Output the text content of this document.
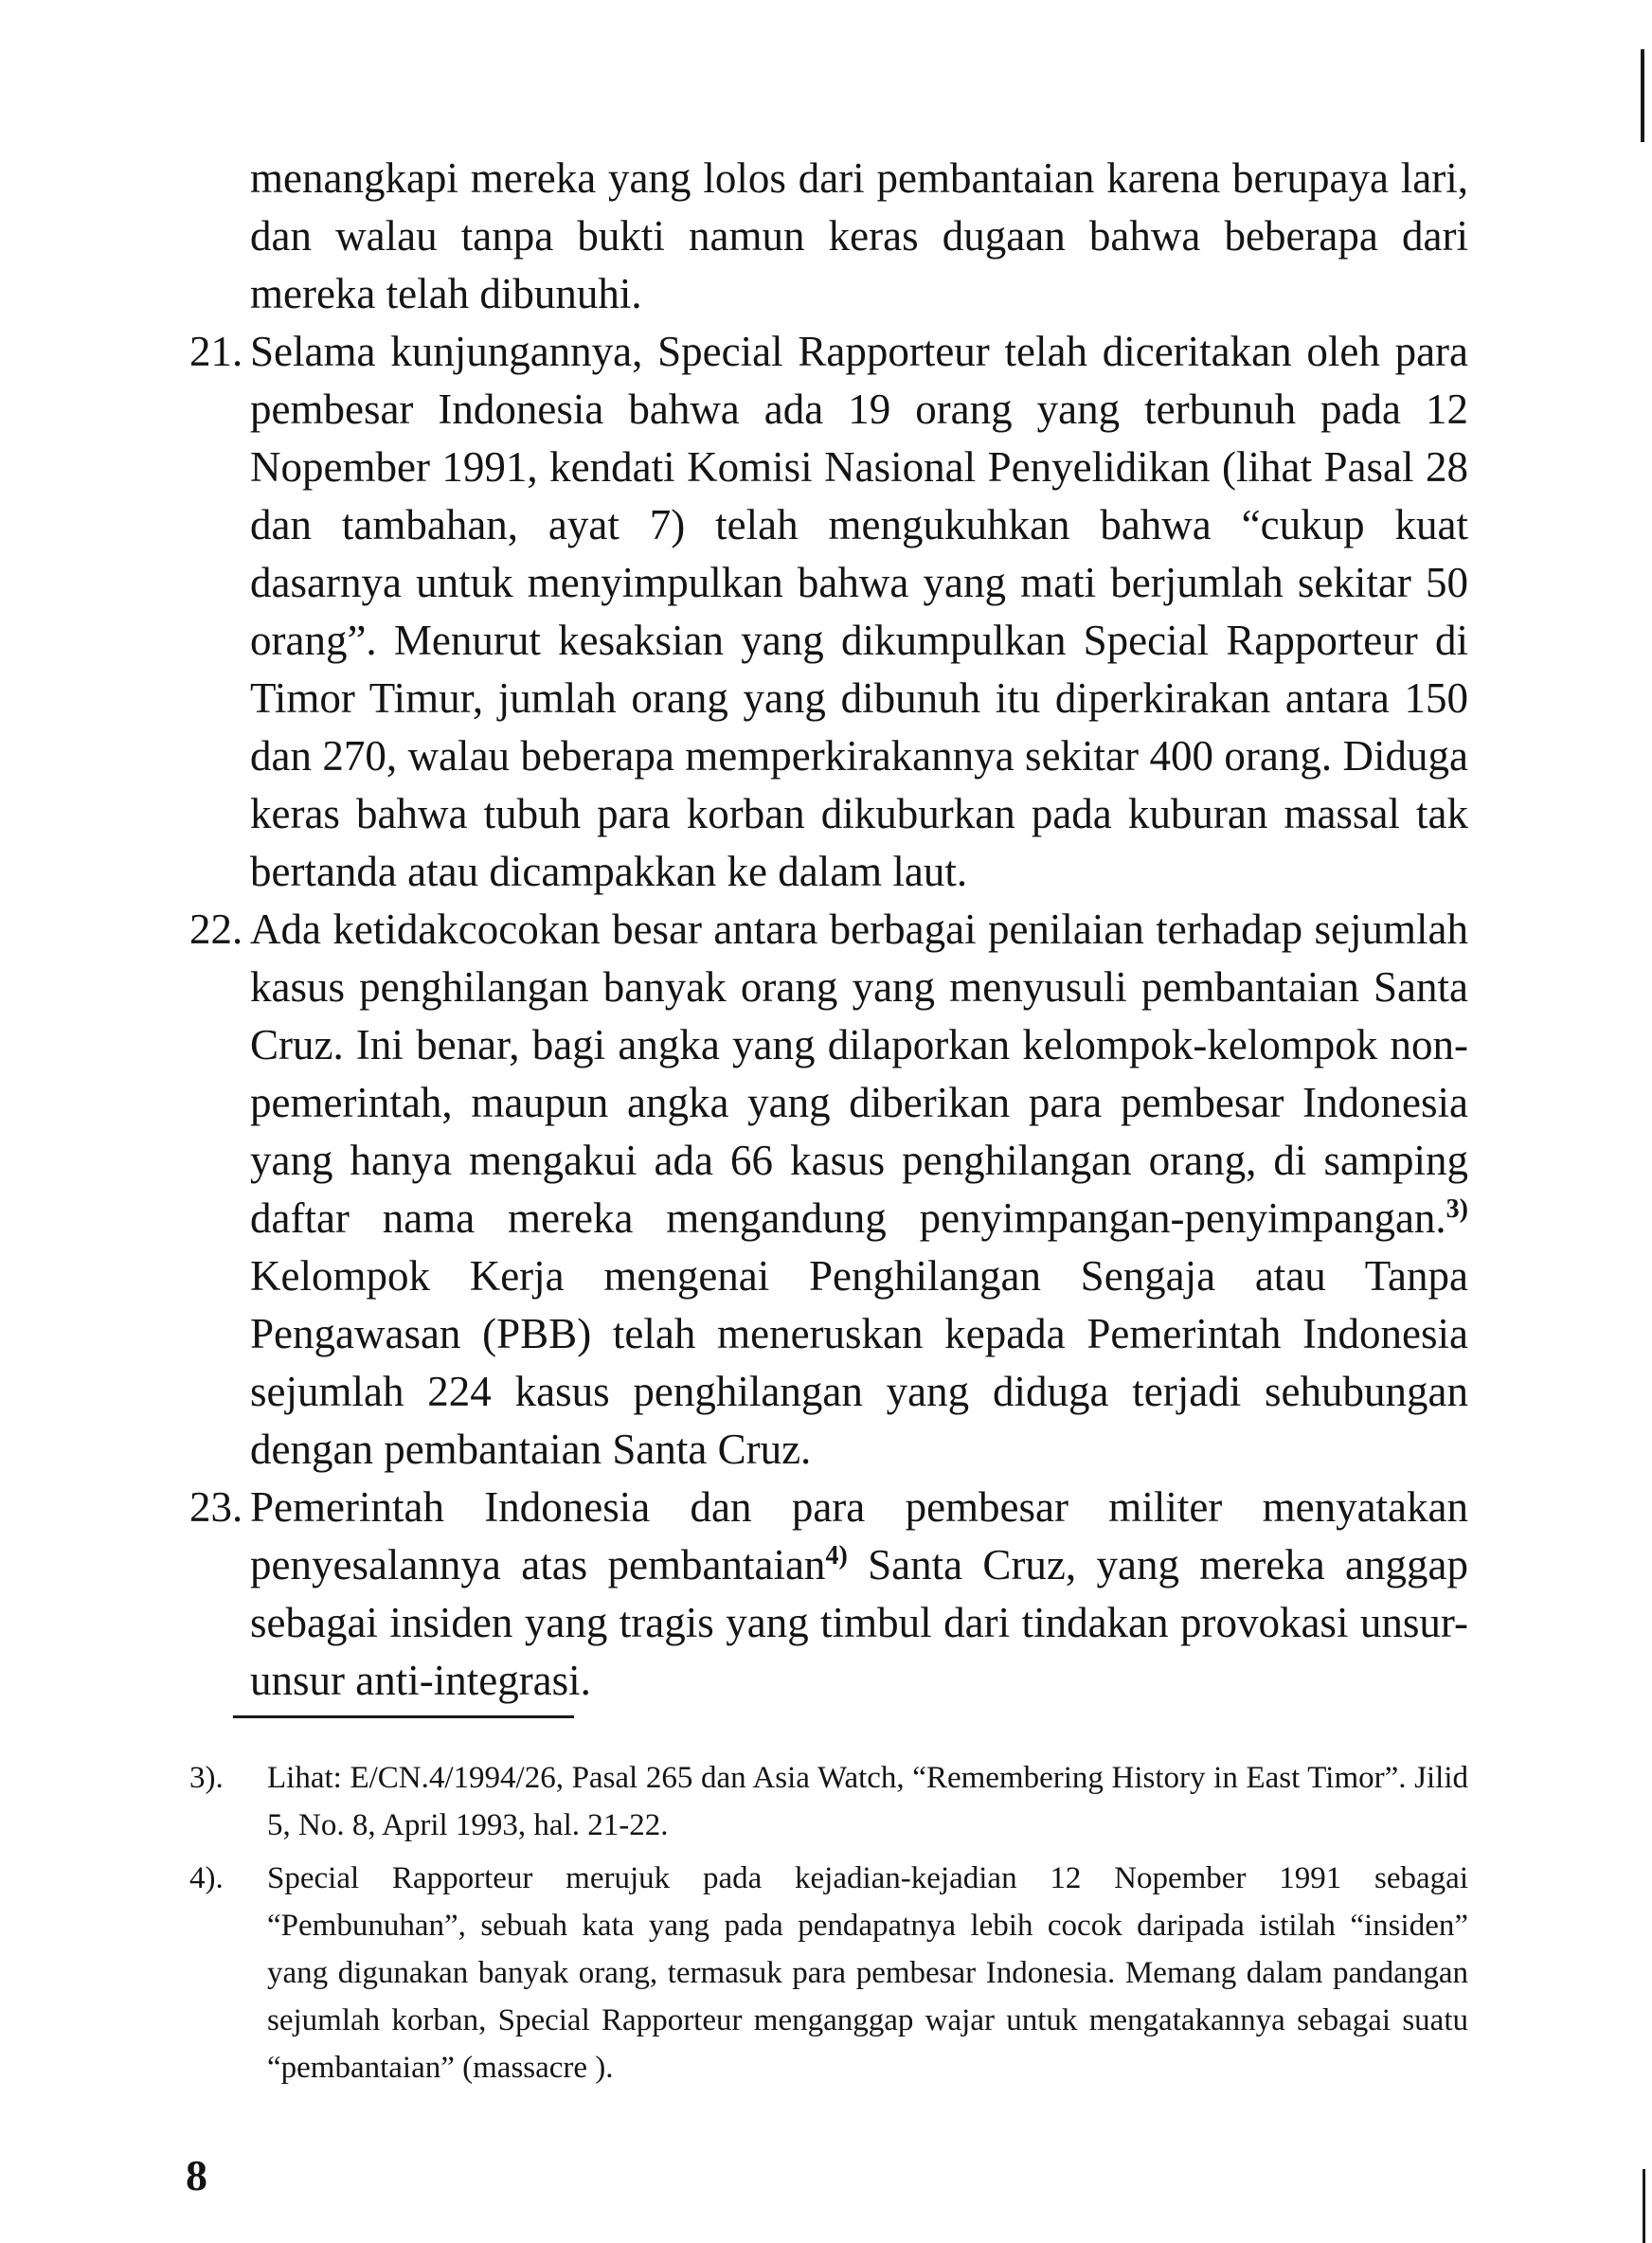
menangkapi mereka yang lolos dari pembantaian karena berupaya lari, dan walau tanpa bukti namun keras dugaan bahwa beberapa dari mereka telah dibunuhi.

21. Selama kunjungannya, Special Rapporteur telah diceritakan oleh para pembesar Indonesia bahwa ada 19 orang yang terbunuh pada 12 Nopember 1991, kendati Komisi Nasional Penyelidikan (lihat Pasal 28 dan tambahan, ayat 7) telah mengukuhkan bahwa “cukup kuat dasarnya untuk menyimpulkan bahwa yang mati berjumlah sekitar 50 orang”. Menurut kesaksian yang dikumpulkan Special Rapporteur di Timor Timur, jumlah orang yang dibunuh itu diperkirakan antara 150 dan 270, walau beberapa memperkirakannya sekitar 400 orang. Diduga keras bahwa tubuh para korban dikuburkan pada kuburan massal tak bertanda atau dicampakkan ke dalam laut.

22. Ada ketidakcocokan besar antara berbagai penilaian terhadap sejumlah kasus penghilangan banyak orang yang menyusuli pembantaian Santa Cruz. Ini benar, bagi angka yang dilaporkan kelompok-kelompok non-pemerintah, maupun angka yang diberikan para pembesar Indonesia yang hanya mengakui ada 66 kasus penghilangan orang, di samping daftar nama mereka mengandung penyimpangan-penyimpangan.$^{3)}$ Kelompok Kerja mengenai Penghilangan Sengaja atau Tanpa Pengawasan (PBB) telah meneruskan kepada Pemerintah Indonesia sejumlah 224 kasus penghilangan yang diduga terjadi sehubungan dengan pembantaian Santa Cruz.

23. Pemerintah Indonesia dan para pembesar militer menyatakan penyesalannya atas pembantaian$^{4)}$ Santa Cruz, yang mereka anggap sebagai insiden yang tragis yang timbul dari tindakan provokasi unsur-unsur anti-integrasi.

3).	Lihat: E/CN.4/1994/26, Pasal 265 dan Asia Watch, “Remembering History in East Timor”. Jilid 5, No. 8, April 1993, hal. 21-22.
4).	Special Rapporteur merujuk pada kejadian-kejadian 12 Nopember 1991 sebagai “Pembunuhan”, sebuah kata yang pada pendapatnya lebih cocok daripada istilah “insiden” yang digunakan banyak orang, termasuk para pembesar Indonesia. Memang dalam pandangan sejumlah korban, Special Rapporteur menganggap wajar untuk mengatakannya sebagai suatu “pembantaian” (massacre ).
8
